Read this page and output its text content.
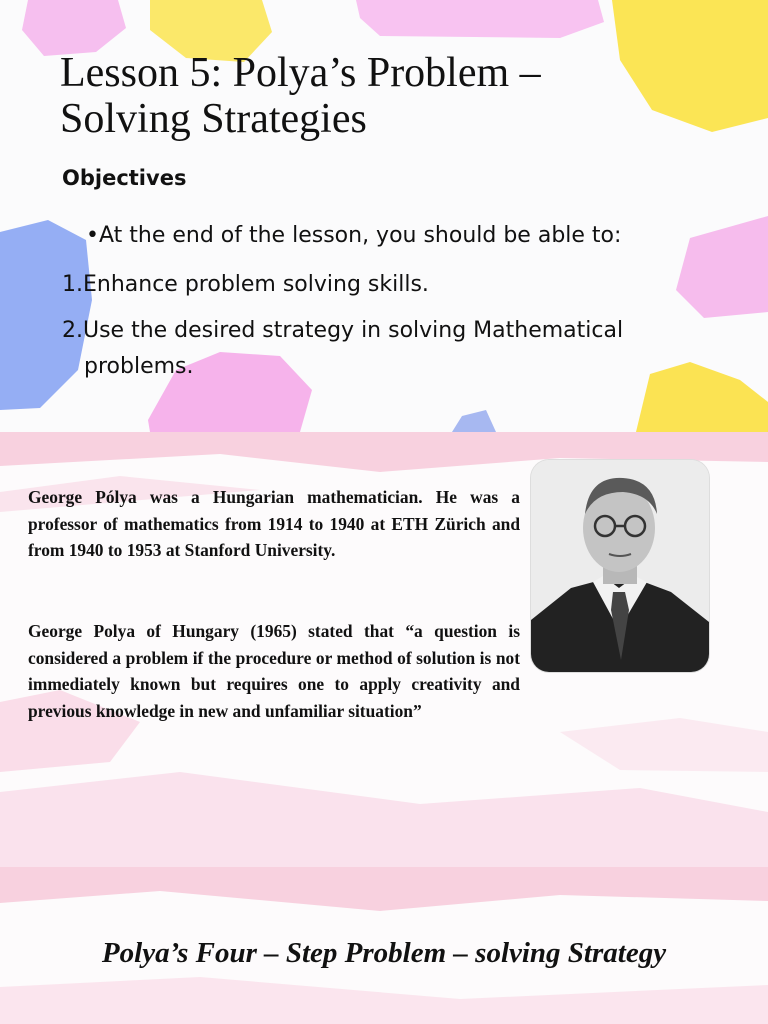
Lesson 5: Polya’s Problem –
Solving Strategies

Objectives

•At the end of the lesson, you should be able to:

1.Enhance problem solving skills.

2.Use the desired strategy in solving Mathematical

problems.

George Pólya was a Hungarian mathematician. He was a professor of mathematics from 1914 to 1940 at ETH Zürich and from 1940 to 1953 at Stanford University.

George Polya of Hungary (1965) stated that “a question is considered a problem if the procedure or method of solution is not immediately known but requires one to apply creativity and previous knowledge in new and unfamiliar situation”

Polya’s Four – Step Problem – solving Strategy
